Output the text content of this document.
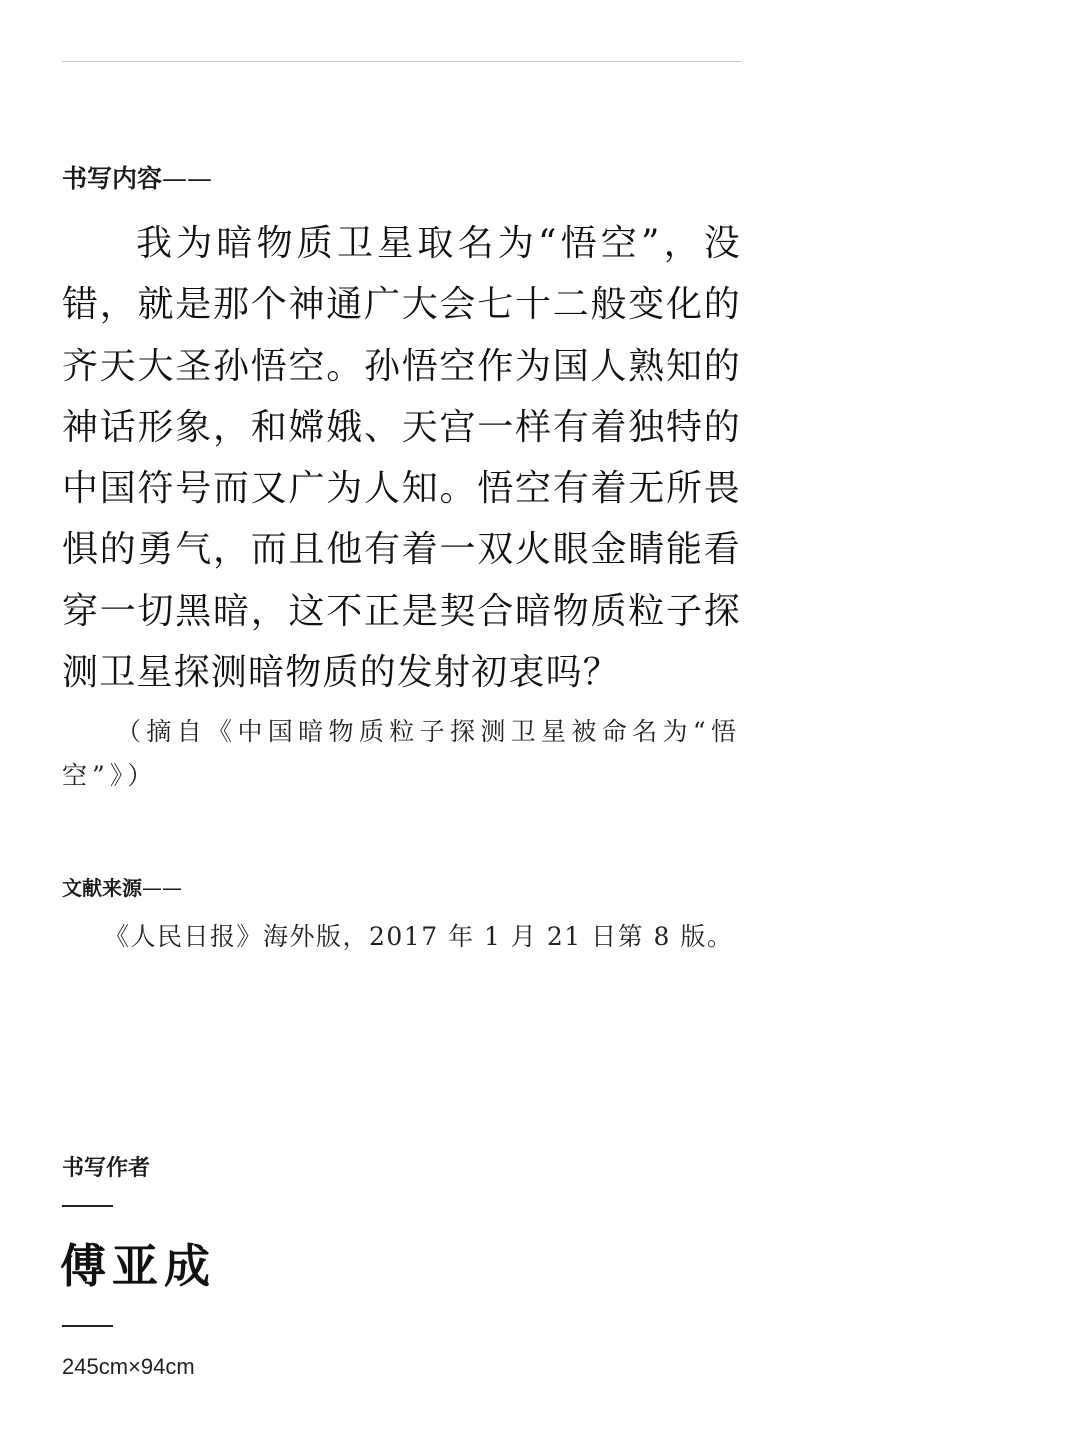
书写内容——

我为暗物质卫星取名为“悟空”，没错，就是那个神通广大会七十二般变化的齐天大圣孙悟空。孙悟空作为国人熟知的神话形象，和嫦娥、天宫一样有着独特的中国符号而又广为人知。悟空有着无所畏惧的勇气，而且他有着一双火眼金睛能看穿一切黑暗，这不正是契合暗物质粒子探测卫星探测暗物质的发射初衷吗？

（摘自《中国暗物质粒子探测卫星被命名为“悟空”》）

文献来源——

《人民日报》海外版，2017 年 1 月 21 日第 8 版。

书写作者

傅亚成

245cm×94cm
